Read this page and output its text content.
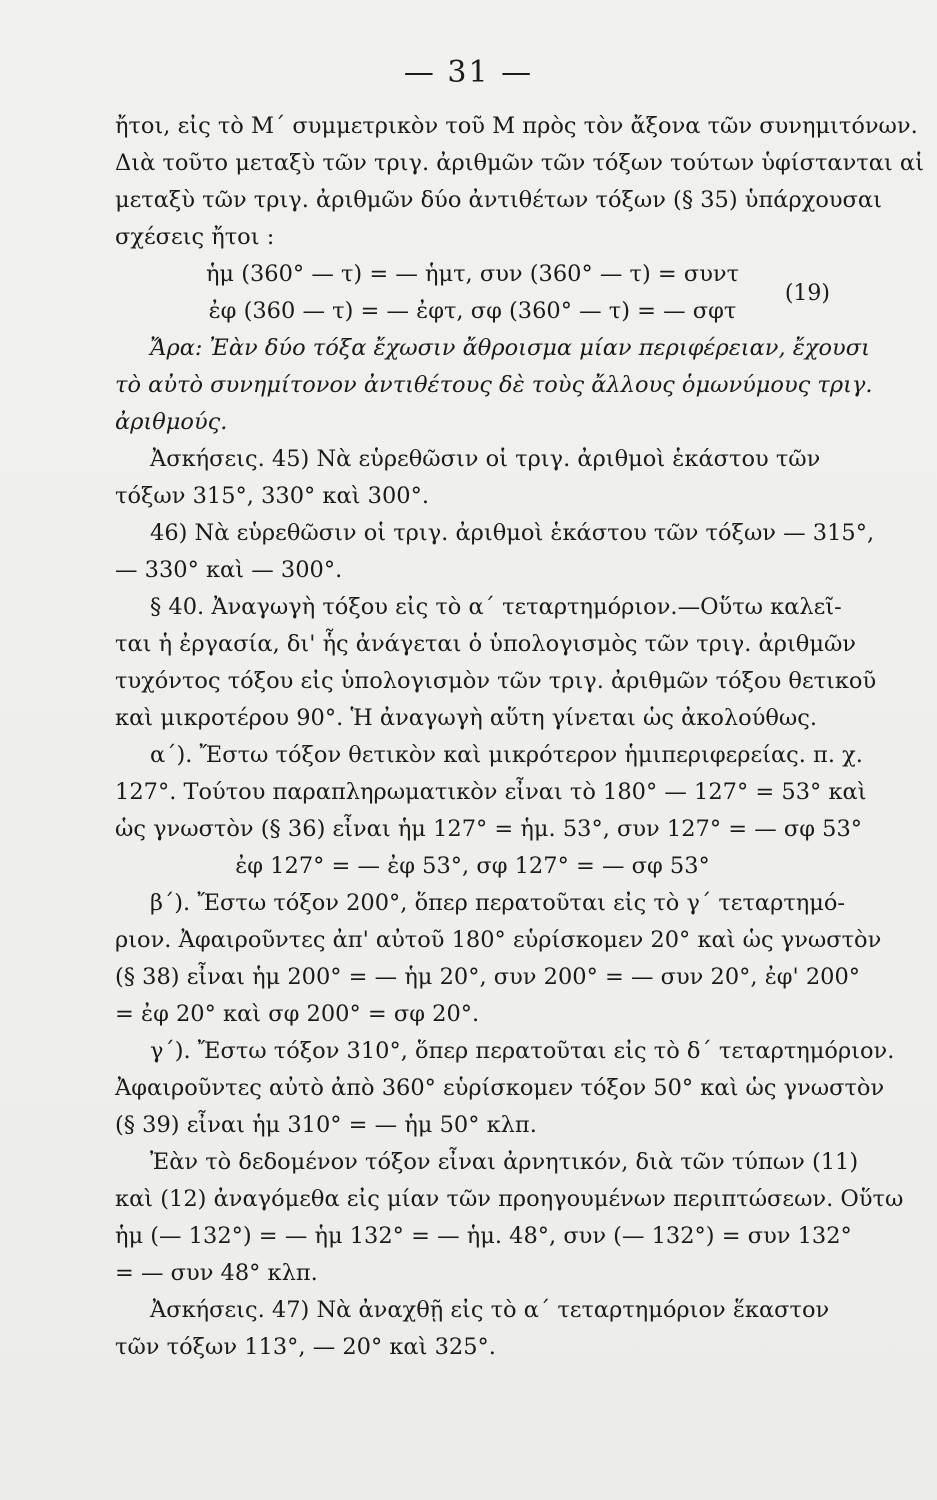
— 31 —
ἤτοι, εἰς τὸ Μ΄ συμμετρικὸν τοῦ Μ πρὸς τὸν ἄξονα τῶν συνημιτόνων.
Διὰ τοῦτο μεταξὺ τῶν τριγ. ἀριθμῶν τῶν τόξων τούτων ὑφίστανται αἱ
μεταξὺ τῶν τριγ. ἀριθμῶν δύο ἀντιθέτων τόξων (§ 35) ὑπάρχουσαι
σχέσεις ἤτοι :
ἡμ (360° — τ) = — ἡμτ, συν (360° — τ) = συντ
ἐφ (360 — τ) = — ἐφτ, σφ (360° — τ) = — σφτ
(19)
Ἄρα: Ἐὰν δύο τόξα ἔχωσιν ἄθροισμα μίαν περιφέρειαν, ἔχουσι
τὸ αὐτὸ συνημίτονον ἀντιθέτους δὲ τοὺς ἄλλους ὁμωνύμους τριγ.
ἀριθμούς.
Ἀσκήσεις. 45) Νὰ εὑρεθῶσιν οἱ τριγ. ἀριθμοὶ ἑκάστου τῶν
τόξων 315°, 330° καὶ 300°.
46) Νὰ εὑρεθῶσιν οἱ τριγ. ἀριθμοὶ ἑκάστου τῶν τόξων — 315°,
— 330° καὶ — 300°.
§ 40. Ἀναγωγὴ τόξου εἰς τὸ α΄ τεταρτημόριον.—Οὕτω καλεῖ-
ται ἡ ἐργασία, δι' ἧς ἀνάγεται ὁ ὑπολογισμὸς τῶν τριγ. ἀριθμῶν
τυχόντος τόξου εἰς ὑπολογισμὸν τῶν τριγ. ἀριθμῶν τόξου θετικοῦ
καὶ μικροτέρου 90°. Ἡ ἀναγωγὴ αὕτη γίνεται ὡς ἀκολούθως.
α΄). Ἔστω τόξον θετικὸν καὶ μικρότερον ἡμιπεριφερείας. π. χ.
127°. Τούτου παραπληρωματικὸν εἶναι τὸ 180° — 127° = 53° καὶ
ὡς γνωστὸν (§ 36) εἶναι ἡμ 127° = ἡμ. 53°, συν 127° = — σφ 53°
ἐφ 127° = — ἐφ 53°, σφ 127° = — σφ 53°
β΄). Ἔστω τόξον 200°, ὅπερ περατοῦται εἰς τὸ γ΄ τεταρτημό-
ριον. Ἀφαιροῦντες ἀπ' αὐτοῦ 180° εὑρίσκομεν 20° καὶ ὡς γνωστὸν
(§ 38) εἶναι ἡμ 200° = — ἡμ 20°, συν 200° = — συν 20°, ἐφ' 200°
= ἐφ 20° καὶ σφ 200° = σφ 20°.
γ΄). Ἔστω τόξον 310°, ὅπερ περατοῦται εἰς τὸ δ΄ τεταρτημόριον.
Ἀφαιροῦντες αὐτὸ ἀπὸ 360° εὑρίσκομεν τόξον 50° καὶ ὡς γνωστὸν
(§ 39) εἶναι ἡμ 310° = — ἡμ 50° κλπ.
Ἐὰν τὸ δεδομένον τόξον εἶναι ἀρνητικόν, διὰ τῶν τύπων (11)
καὶ (12) ἀναγόμεθα εἰς μίαν τῶν προηγουμένων περιπτώσεων. Οὕτω
ἡμ (— 132°) = — ἡμ 132° = — ἡμ. 48°, συν (— 132°) = συν 132°
= — συν 48° κλπ.
Ἀσκήσεις. 47) Νὰ ἀναχθῇ εἰς τὸ α΄ τεταρτημόριον ἕκαστον
τῶν τόξων 113°, — 20° καὶ 325°.
